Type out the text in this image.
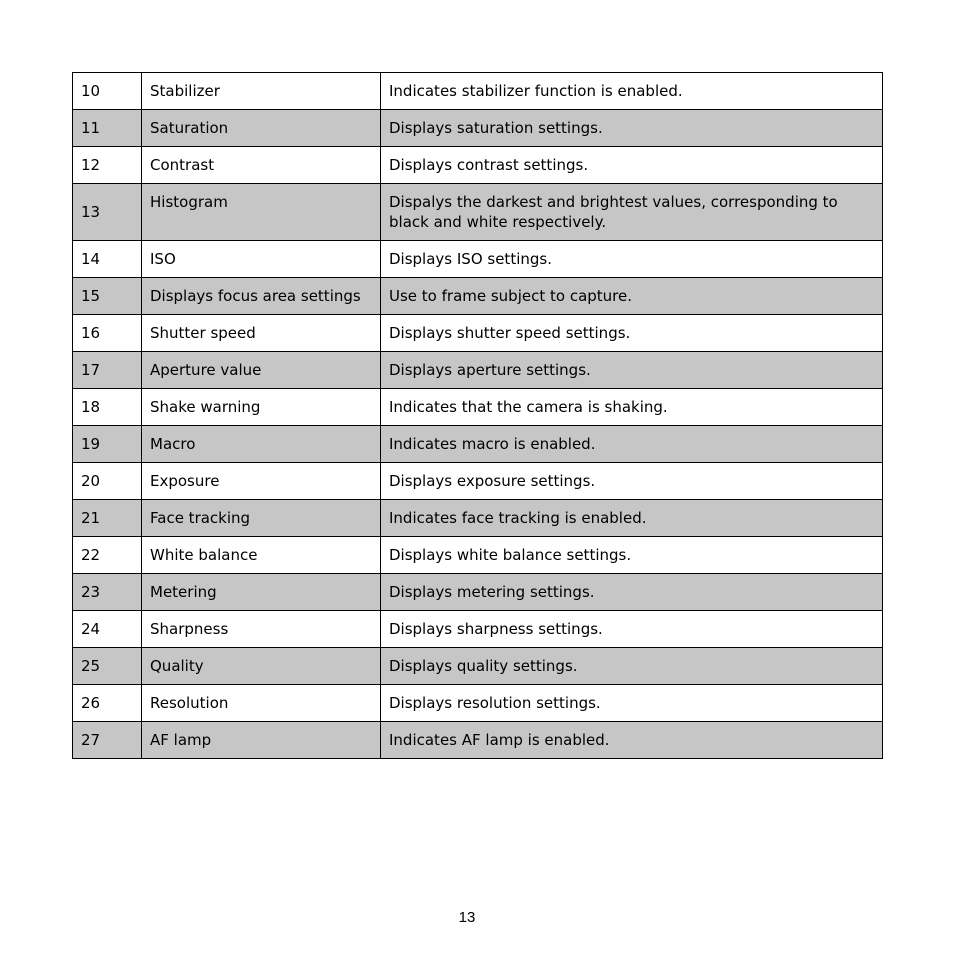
10	Stabilizer	Indicates stabilizer function is enabled.
11	Saturation	Displays saturation settings.
12	Contrast	Displays contrast settings.
13	Histogram	Dispalys the darkest and brightest values, corresponding to black and white respectively.
14	ISO	Displays ISO settings.
15	Displays focus area settings	Use to frame subject to capture.
16	Shutter speed	Displays shutter speed settings.
17	Aperture value	Displays aperture settings.
18	Shake warning	Indicates that the camera is shaking.
19	Macro	Indicates macro is enabled.
20	Exposure	Displays exposure settings.
21	Face tracking	Indicates face tracking is enabled.
22	White balance	Displays white balance settings.
23	Metering	Displays metering settings.
24	Sharpness	Displays sharpness settings.
25	Quality	Displays quality settings.
26	Resolution	Displays resolution settings.
27	AF lamp	Indicates AF lamp is enabled.
13
